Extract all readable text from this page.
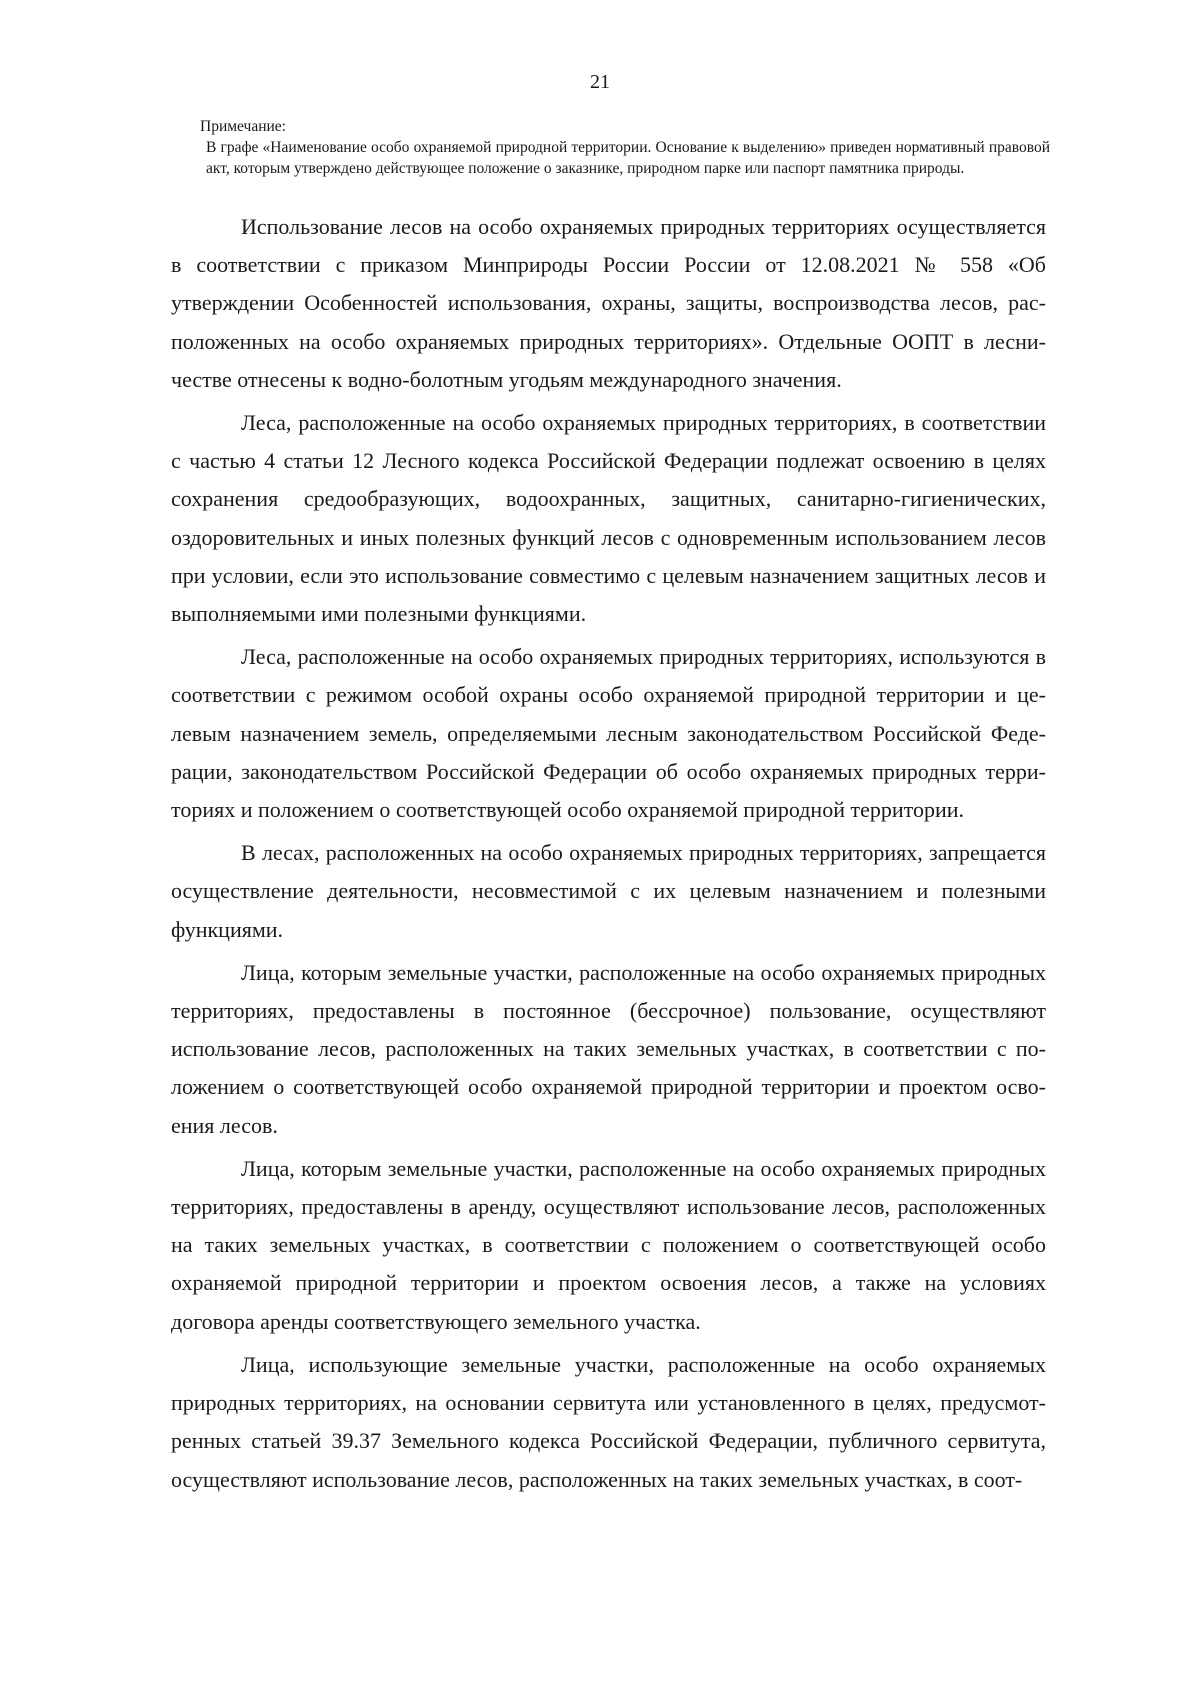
21

Примечание:

В графе «Наименование особо охраняемой природной территории. Основание к выделению» приведен нормативный правовой акт, которым утверждено действующее положение о заказнике, природном парке или паспорт памятника природы.

Использование лесов на особо охраняемых природных территориях осуществляется в соответствии с приказом Минприроды России России от 12.08.2021 № 558 «Об утверждении Особенностей использования, охраны, защиты, воспроизводства лесов, расположенных на особо охраняемых природных территориях». Отдельные ООПТ в лесничестве отнесены к водно-болотным угодьям международного значения.

Леса, расположенные на особо охраняемых природных территориях, в соответствии с частью 4 статьи 12 Лесного кодекса Российской Федерации подлежат освоению в целях сохранения средообразующих, водоохранных, защитных, санитарно-гигиенических, оздоровительных и иных полезных функций лесов с одновременным использованием лесов при условии, если это использование совместимо с целевым назначением защитных лесов и выполняемыми ими полезными функциями.

Леса, расположенные на особо охраняемых природных территориях, используются в соответствии с режимом особой охраны особо охраняемой природной территории и целевым назначением земель, определяемыми лесным законодательством Российской Федерации, законодательством Российской Федерации об особо охраняемых природных территориях и положением о соответствующей особо охраняемой природной территории.

В лесах, расположенных на особо охраняемых природных территориях, запрещается осуществление деятельности, несовместимой с их целевым назначением и полезными функциями.

Лица, которым земельные участки, расположенные на особо охраняемых природных территориях, предоставлены в постоянное (бессрочное) пользование, осуществляют использование лесов, расположенных на таких земельных участках, в соответствии с положением о соответствующей особо охраняемой природной территории и проектом освоения лесов.

Лица, которым земельные участки, расположенные на особо охраняемых природных территориях, предоставлены в аренду, осуществляют использование лесов, расположенных на таких земельных участках, в соответствии с положением о соответствующей особо охраняемой природной территории и проектом освоения лесов, а также на условиях договора аренды соответствующего земельного участка.

Лица, использующие земельные участки, расположенные на особо охраняемых природных территориях, на основании сервитута или установленного в целях, предусмотренных статьей 39.37 Земельного кодекса Российской Федерации, публичного сервитута, осуществляют использование лесов, расположенных на таких земельных участках, в соот-
